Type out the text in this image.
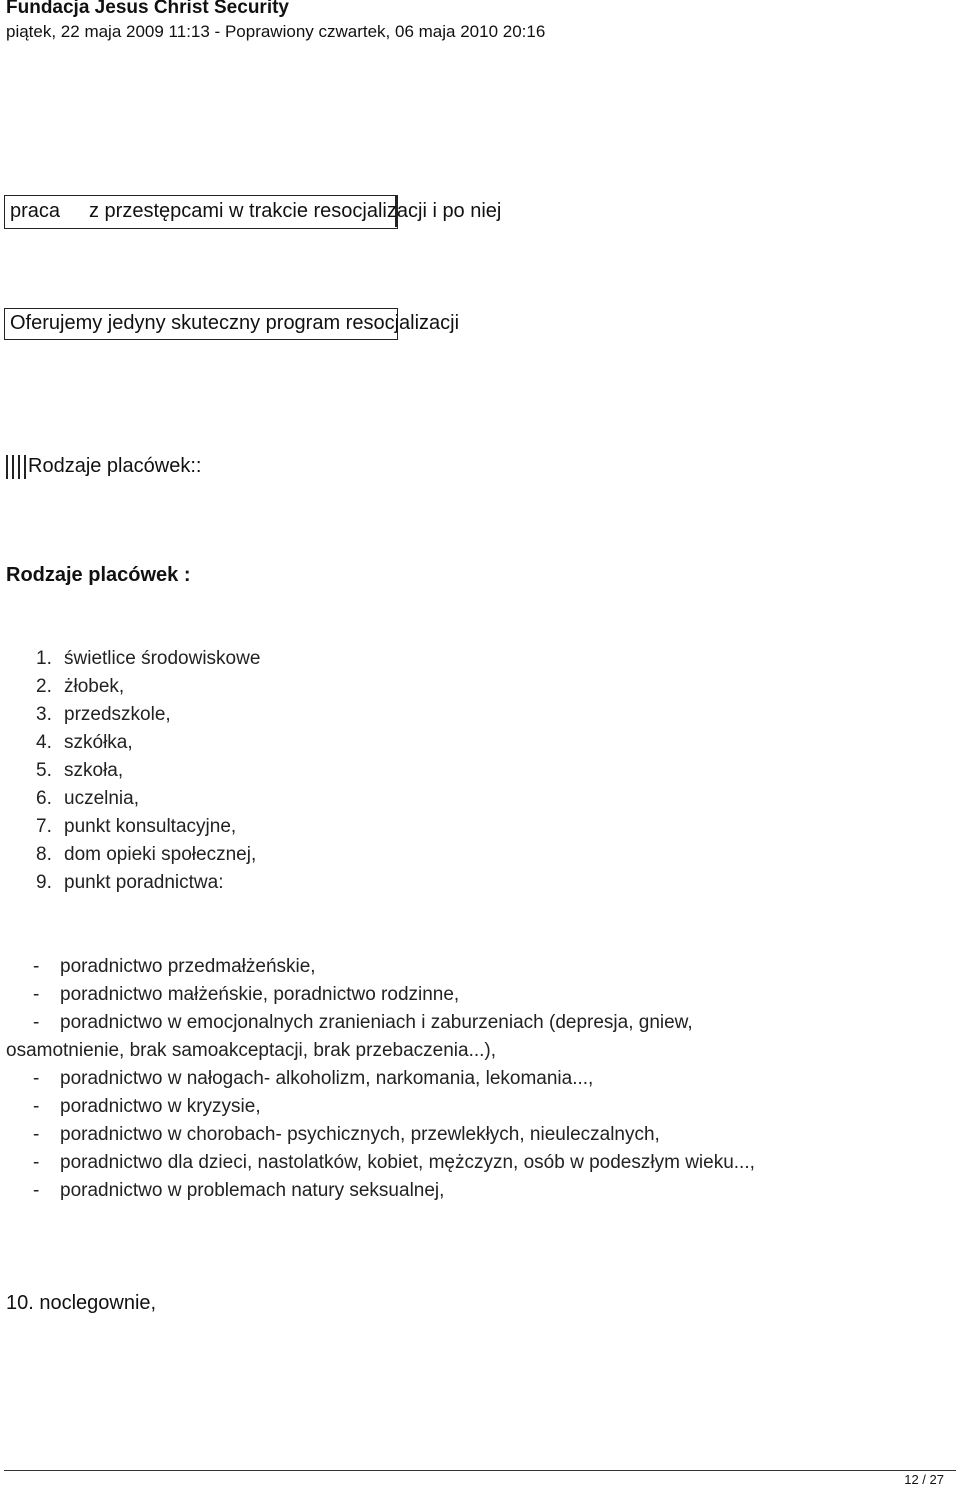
Fundacja Jesus Christ Security
piątek, 22 maja 2009 11:13 - Poprawiony czwartek, 06 maja 2010 20:16
praca z przestępcami w trakcie resocjalizacji i po niej
Oferujemy jedyny skuteczny program resocjalizacji
Rodzaje placówek::
Rodzaje placówek :
1. świetlice środowiskowe
2. żłobek,
3. przedszkole,
4. szkółka,
5. szkoła,
6. uczelnia,
7. punkt konsultacyjne,
8. dom opieki społecznej,
9. punkt poradnictwa:
- poradnictwo przedmałżeńskie,
- poradnictwo małżeńskie, poradnictwo rodzinne,
- poradnictwo w emocjonalnych zranieniach i zaburzeniach (depresja, gniew,
osamotnienie, brak samoakceptacji, brak przebaczenia...),
- poradnictwo w nałogach- alkoholizm, narkomania, lekomania...,
- poradnictwo w kryzysie,
- poradnictwo w chorobach- psychicznych, przewlekłych, nieuleczalnych,
- poradnictwo dla dzieci, nastolatków, kobiet, mężczyzn, osób w podeszłym wieku...,
- poradnictwo w problemach natury seksualnej,
10. noclegownie,
12 / 27
